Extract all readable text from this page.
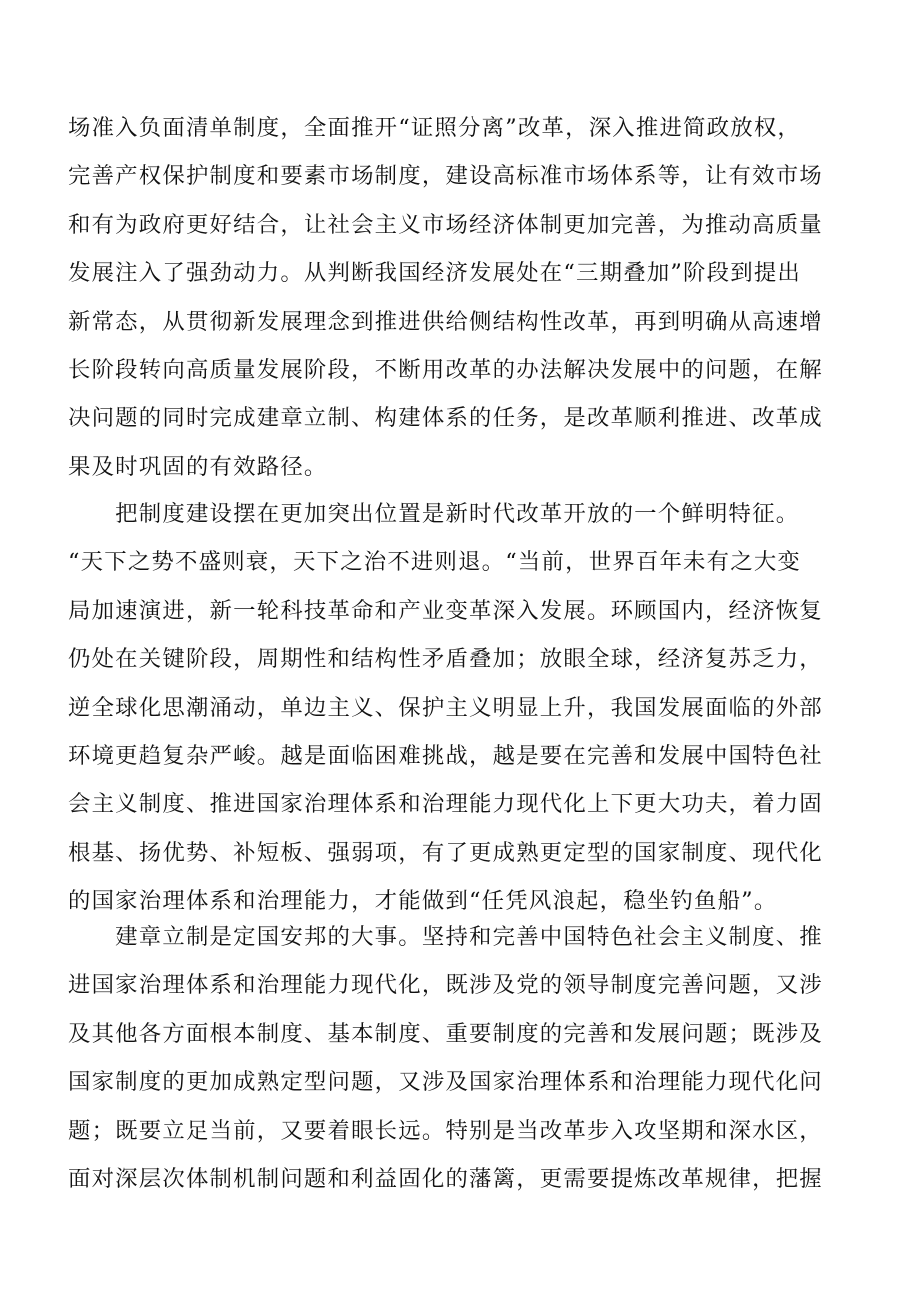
场准入负面清单制度，全面推开“证照分离”改革，深入推进简政放权，
完善产权保护制度和要素市场制度，建设高标准市场体系等，让有效市场
和有为政府更好结合，让社会主义市场经济体制更加完善，为推动高质量
发展注入了强劲动力。从判断我国经济发展处在“三期叠加”阶段到提出
新常态，从贯彻新发展理念到推进供给侧结构性改革，再到明确从高速增
长阶段转向高质量发展阶段，不断用改革的办法解决发展中的问题，在解
决问题的同时完成建章立制、构建体系的任务，是改革顺利推进、改革成
果及时巩固的有效路径。
　　把制度建设摆在更加突出位置是新时代改革开放的一个鲜明特征。
“天下之势不盛则衰，天下之治不进则退。“当前，世界百年未有之大变
局加速演进，新一轮科技革命和产业变革深入发展。环顾国内，经济恢复
仍处在关键阶段，周期性和结构性矛盾叠加；放眼全球，经济复苏乏力，
逆全球化思潮涌动，单边主义、保护主义明显上升，我国发展面临的外部
环境更趋复杂严峻。越是面临困难挑战，越是要在完善和发展中国特色社
会主义制度、推进国家治理体系和治理能力现代化上下更大功夫，着力固
根基、扬优势、补短板、强弱项，有了更成熟更定型的国家制度、现代化
的国家治理体系和治理能力，才能做到“任凭风浪起，稳坐钓鱼船”。
　　建章立制是定国安邦的大事。坚持和完善中国特色社会主义制度、推
进国家治理体系和治理能力现代化，既涉及党的领导制度完善问题，又涉
及其他各方面根本制度、基本制度、重要制度的完善和发展问题；既涉及
国家制度的更加成熟定型问题，又涉及国家治理体系和治理能力现代化问
题；既要立足当前，又要着眼长远。特别是当改革步入攻坚期和深水区，
面对深层次体制机制问题和利益固化的藩篱，更需要提炼改革规律，把握
